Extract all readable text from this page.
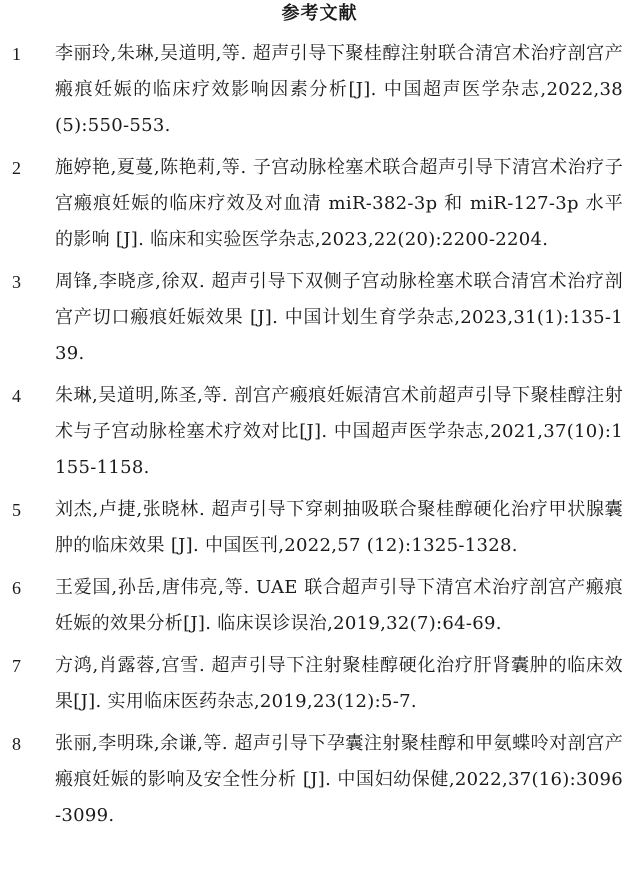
参考文献
1	李丽玲,朱琳,吴道明,等. 超声引导下聚桂醇注射联合清宫术治疗剖宫产瘢痕妊娠的临床疗效影响因素分析[J]. 中国超声医学杂志,2022,38(5):550-553.
2	施婷艳,夏蔓,陈艳莉,等. 子宫动脉栓塞术联合超声引导下清宫术治疗子宫瘢痕妊娠的临床疗效及对血清 miR-382-3p 和 miR-127-3p 水平的影响 [J]. 临床和实验医学杂志,2023,22(20):2200-2204.
3	周锋,李晓彦,徐双. 超声引导下双侧子宫动脉栓塞术联合清宫术治疗剖宫产切口瘢痕妊娠效果 [J]. 中国计划生育学杂志,2023,31(1):135-139.
4	朱琳,吴道明,陈圣,等. 剖宫产瘢痕妊娠清宫术前超声引导下聚桂醇注射术与子宫动脉栓塞术疗效对比[J]. 中国超声医学杂志,2021,37(10):1155-1158.
5	刘杰,卢捷,张晓林. 超声引导下穿刺抽吸联合聚桂醇硬化治疗甲状腺囊肿的临床效果 [J]. 中国医刊,2022,57 (12):1325-1328.
6	王爱国,孙岳,唐伟亮,等. UAE 联合超声引导下清宫术治疗剖宫产瘢痕妊娠的效果分析[J]. 临床误诊误治,2019,32(7):64-69.
7	方鸿,肖露蓉,宫雪. 超声引导下注射聚桂醇硬化治疗肝肾囊肿的临床效果[J]. 实用临床医药杂志,2019,23(12):5-7.
8	张丽,李明珠,余谦,等. 超声引导下孕囊注射聚桂醇和甲氨蝶呤对剖宫产瘢痕妊娠的影响及安全性分析 [J]. 中国妇幼保健,2022,37(16):3096-3099.
